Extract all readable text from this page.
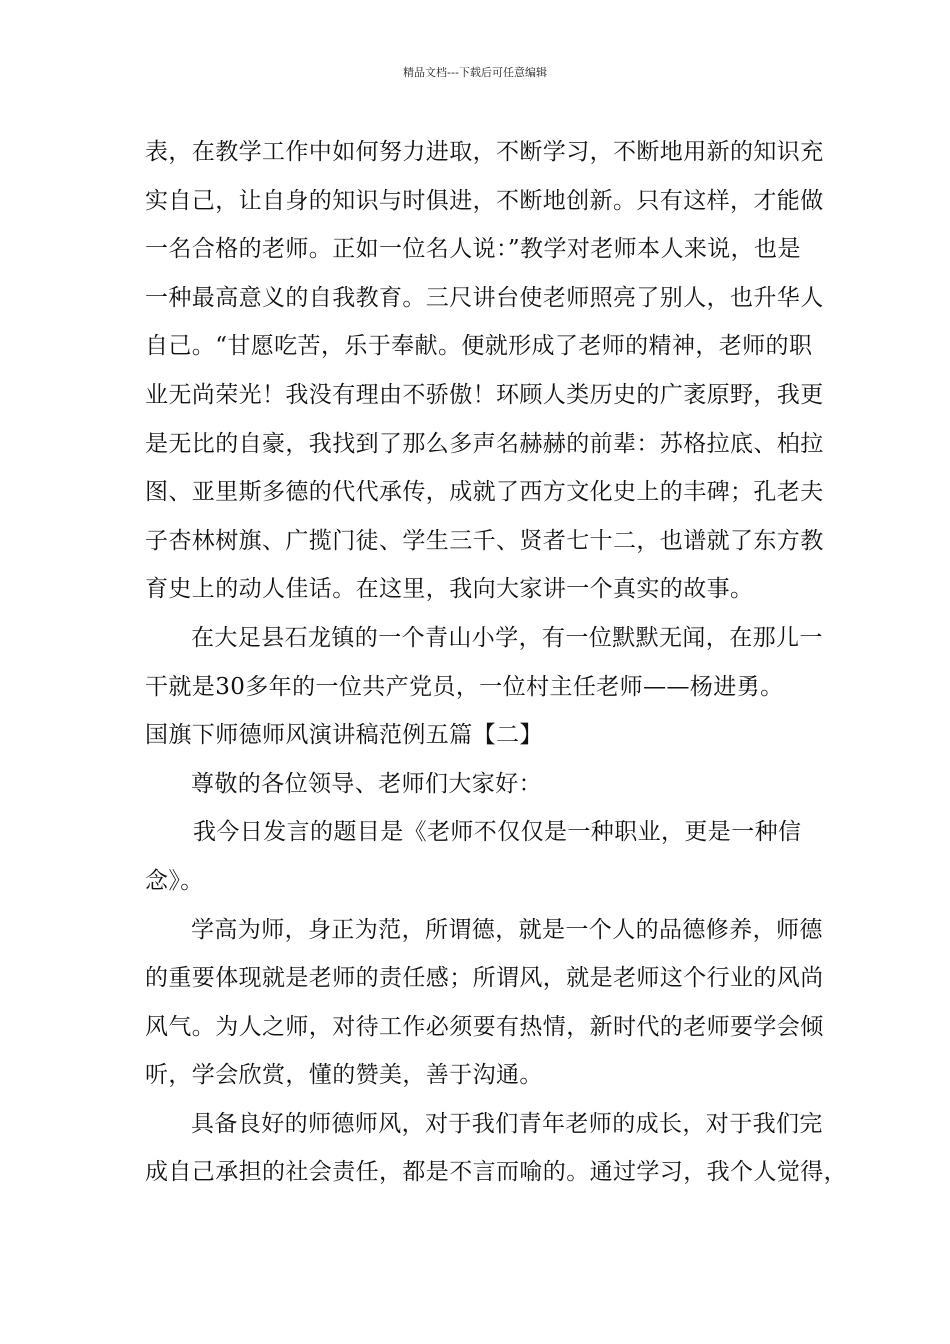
精品文档---下载后可任意编辑
表，在教学工作中如何努力进取，不断学习，不断地用新的知识充
实自己，让自身的知识与时俱进，不断地创新。只有这样，才能做
一名合格的老师。正如一位名人说：”教学对老师本人来说，也是
一种最高意义的自我教育。三尺讲台使老师照亮了别人，也升华人
自己。“甘愿吃苦，乐于奉献。便就形成了老师的精神，老师的职
业无尚荣光！我没有理由不骄傲！环顾人类历史的广袤原野，我更
是无比的自豪，我找到了那么多声名赫赫的前辈：苏格拉底、柏拉
图、亚里斯多德的代代承传，成就了西方文化史上的丰碑；孔老夫
子杏林树旗、广揽门徒、学生三千、贤者七十二，也谱就了东方教
育史上的动人佳话。在这里，我向大家讲一个真实的故事。
在大足县石龙镇的一个青山小学，有一位默默无闻，在那儿一
干就是30多年的一位共产党员，一位村主任老师——杨进勇。
国旗下师德师风演讲稿范例五篇【二】
尊敬的各位领导、老师们大家好：
我今日发言的题目是《老师不仅仅是一种职业，更是一种信
念》。
学高为师，身正为范，所谓德，就是一个人的品德修养，师德
的重要体现就是老师的责任感；所谓风，就是老师这个行业的风尚
风气。为人之师，对待工作必须要有热情，新时代的老师要学会倾
听，学会欣赏，懂的赞美，善于沟通。
具备良好的师德师风，对于我们青年老师的成长，对于我们完
成自己承担的社会责任，都是不言而喻的。通过学习，我个人觉得，
